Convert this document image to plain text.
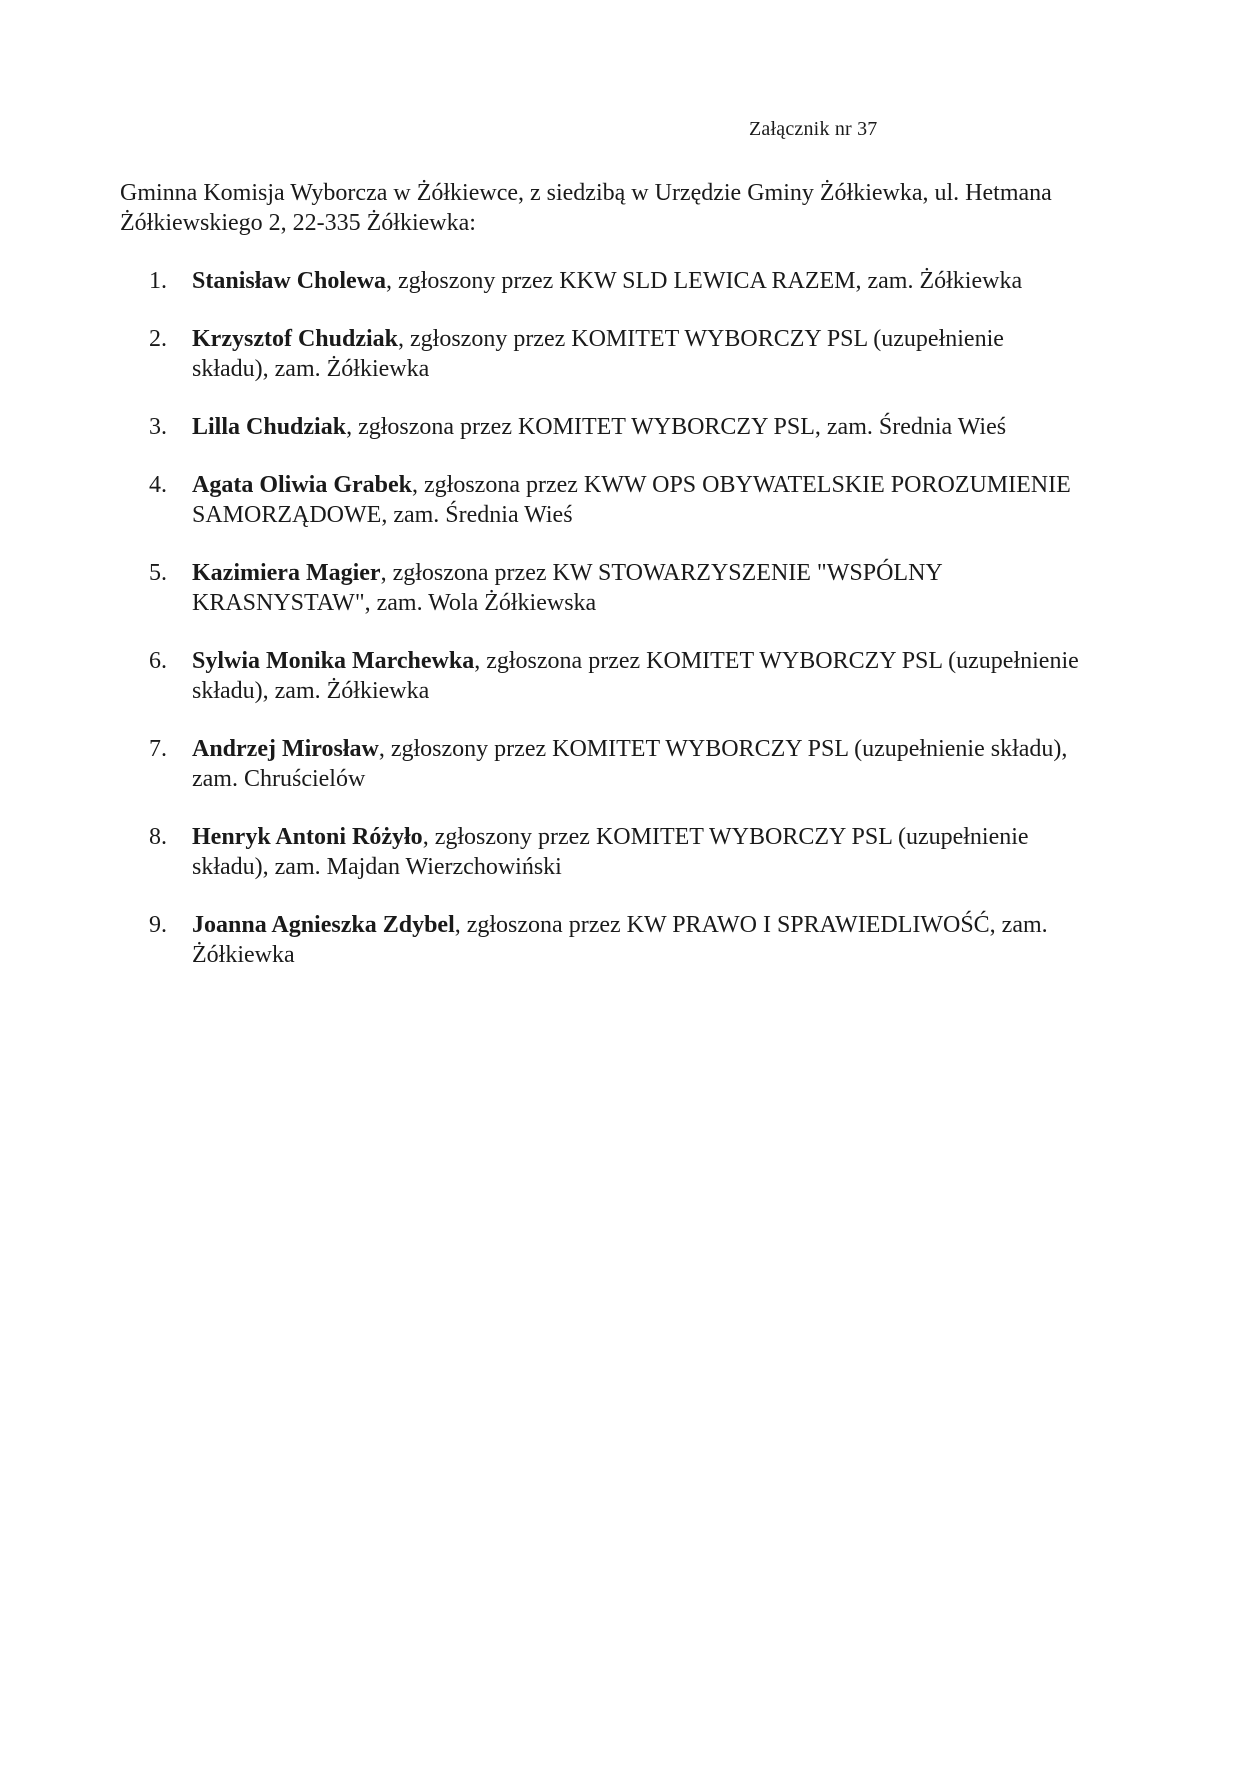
Załącznik nr 37
Gminna Komisja Wyborcza w Żółkiewce, z siedzibą w Urzędzie Gminy Żółkiewka, ul. Hetmana Żółkiewskiego 2, 22-335 Żółkiewka:
1. Stanisław Cholewa, zgłoszony przez KKW SLD LEWICA RAZEM, zam. Żółkiewka
2. Krzysztof Chudziak, zgłoszony przez KOMITET WYBORCZY PSL (uzupełnienie składu), zam. Żółkiewka
3. Lilla Chudziak, zgłoszona przez KOMITET WYBORCZY PSL, zam. Średnia Wieś
4. Agata Oliwia Grabek, zgłoszona przez KWW OPS OBYWATELSKIE POROZUMIENIE SAMORZĄDOWE, zam. Średnia Wieś
5. Kazimiera Magier, zgłoszona przez KW STOWARZYSZENIE "WSPÓLNY KRASNYSTAW", zam. Wola Żółkiewska
6. Sylwia Monika Marchewka, zgłoszona przez KOMITET WYBORCZY PSL (uzupełnienie składu), zam. Żółkiewka
7. Andrzej Mirosław, zgłoszony przez KOMITET WYBORCZY PSL (uzupełnienie składu), zam. Chruścielów
8. Henryk Antoni Różyło, zgłoszony przez KOMITET WYBORCZY PSL (uzupełnienie składu), zam. Majdan Wierzchowiński
9. Joanna Agnieszka Zdybel, zgłoszona przez KW PRAWO I SPRAWIEDLIWOŚĆ, zam. Żółkiewka
